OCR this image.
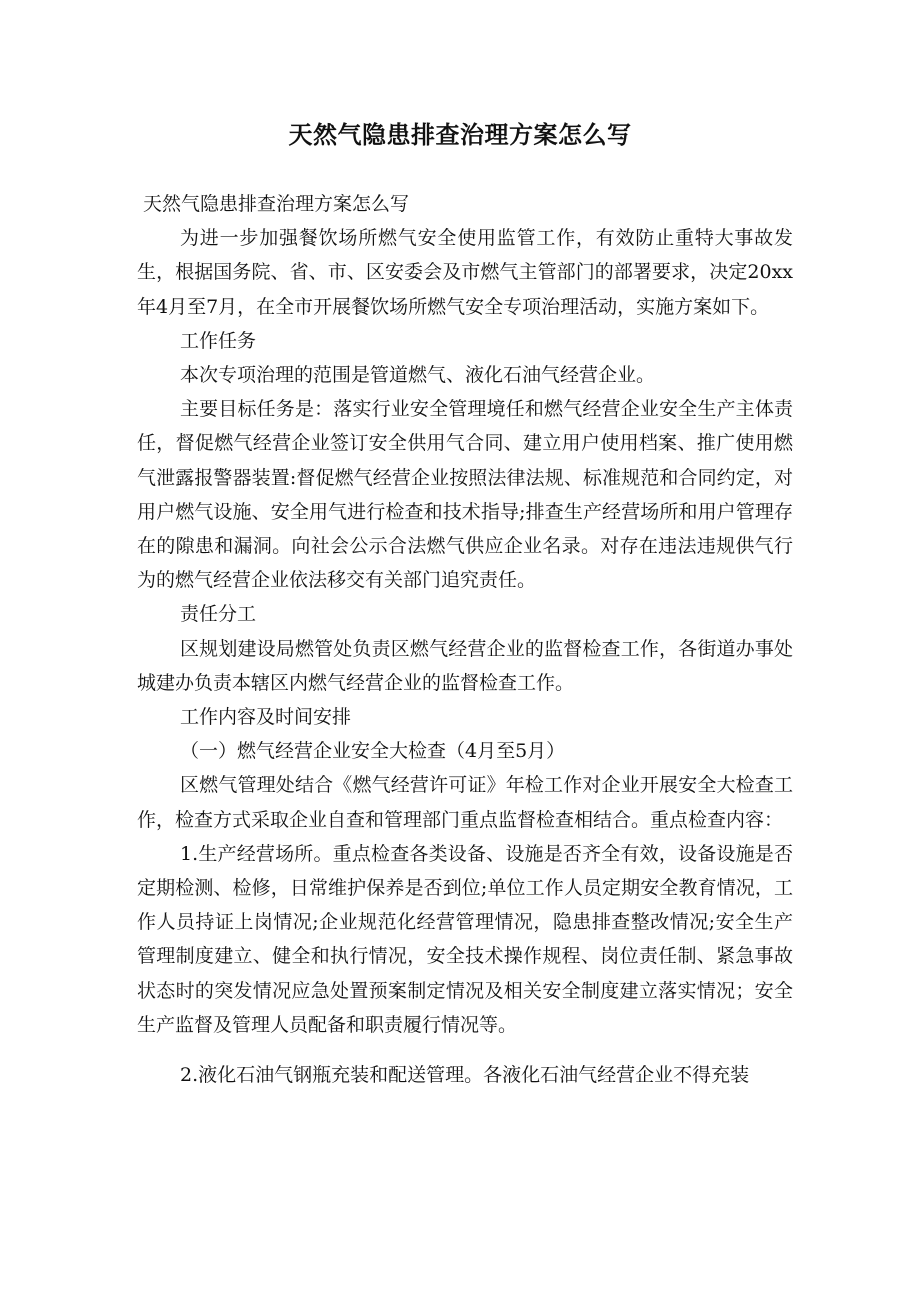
天然气隐患排查治理方案怎么写

天然气隐患排查治理方案怎么写

为进一步加强餐饮场所燃气安全使用监管工作，有效防止重特大事故发生，根据国务院、省、市、区安委会及市燃气主管部门的部署要求，决定20xx年4月至7月，在全市开展餐饮场所燃气安全专项治理活动，实施方案如下。

工作任务

本次专项治理的范围是管道燃气、液化石油气经营企业。

主要目标任务是：落实行业安全管理境任和燃气经营企业安全生产主体责任，督促燃气经营企业签订安全供用气合同、建立用户使用档案、推广使用燃气泄露报警器装置:督促燃气经营企业按照法律法规、标准规范和合同约定，对用户燃气设施、安全用气进行检查和技术指导;排查生产经营场所和用户管理存在的隙患和漏洞。向社会公示合法燃气供应企业名录。对存在违法违规供气行为的燃气经营企业依法移交有关部门追究责任。

责任分工

区规划建设局燃管处负责区燃气经营企业的监督检查工作，各街道办事处城建办负责本辖区内燃气经营企业的监督检查工作。

工作内容及时间安排

（一）燃气经营企业安全大检查（4月至5月）

区燃气管理处结合《燃气经营许可证》年检工作对企业开展安全大检查工作，检查方式采取企业自查和管理部门重点监督检查相结合。重点检查内容：

1.生产经营场所。重点检查各类设备、设施是否齐全有效，设备设施是否定期检测、检修，日常维护保养是否到位;单位工作人员定期安全教育情况，工作人员持证上岗情况;企业规范化经营管理情况，隐患排查整改情况;安全生产管理制度建立、健全和执行情况，安全技术操作规程、岗位责任制、紧急事故状态时的突发情况应急处置预案制定情况及相关安全制度建立落实情况；安全生产监督及管理人员配备和职责履行情况等。

2.液化石油气钢瓶充装和配送管理。各液化石油气经营企业不得充装
